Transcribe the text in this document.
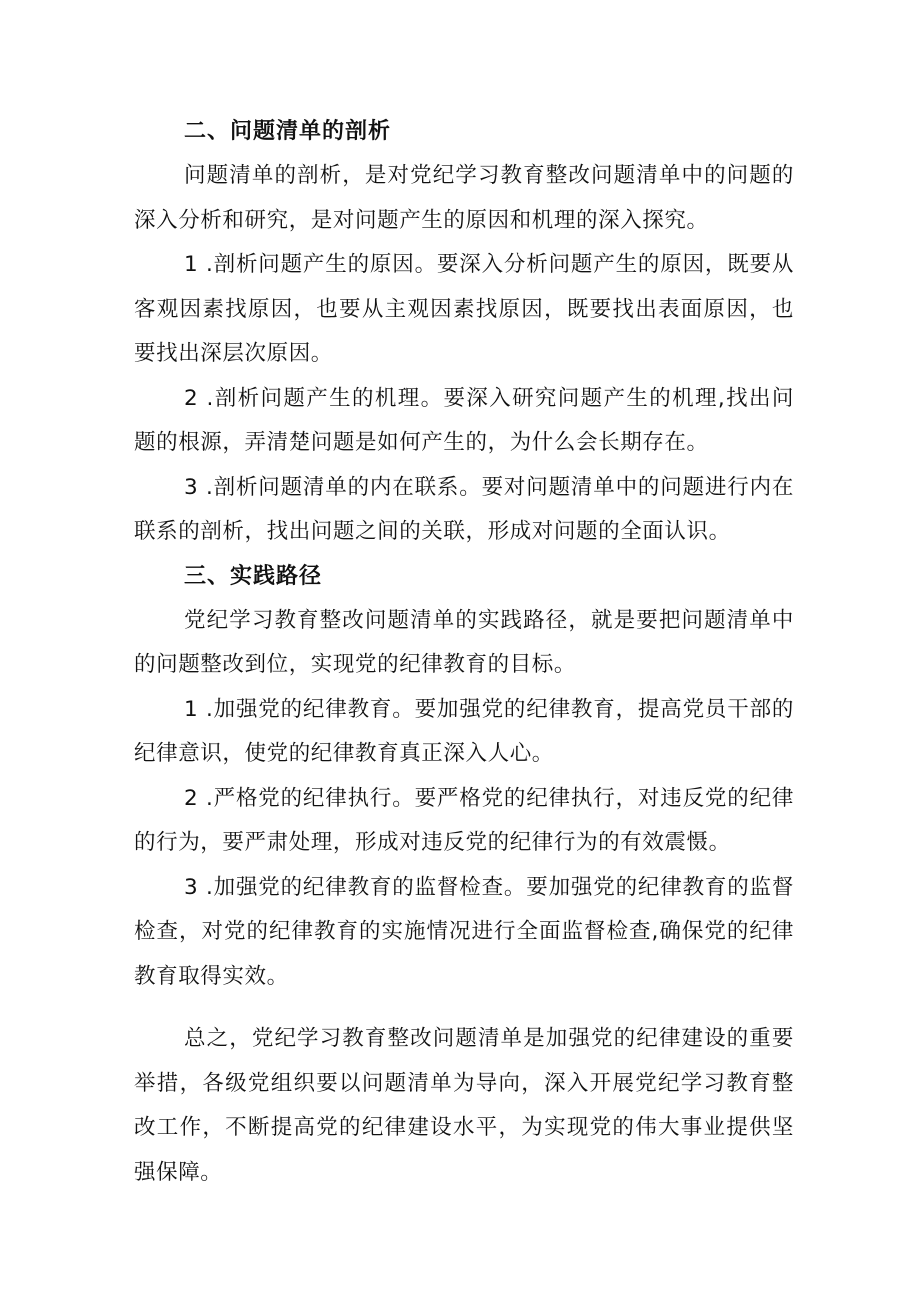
二、问题清单的剖析

问题清单的剖析，是对党纪学习教育整改问题清单中的问题的深入分析和研究，是对问题产生的原因和机理的深入探究。

1 .剖析问题产生的原因。要深入分析问题产生的原因，既要从客观因素找原因，也要从主观因素找原因，既要找出表面原因，也要找出深层次原因。

2 .剖析问题产生的机理。要深入研究问题产生的机理,找出问题的根源，弄清楚问题是如何产生的，为什么会长期存在。

3 .剖析问题清单的内在联系。要对问题清单中的问题进行内在联系的剖析，找出问题之间的关联，形成对问题的全面认识。

三、实践路径

党纪学习教育整改问题清单的实践路径，就是要把问题清单中的问题整改到位，实现党的纪律教育的目标。

1 .加强党的纪律教育。要加强党的纪律教育，提高党员干部的纪律意识，使党的纪律教育真正深入人心。

2 .严格党的纪律执行。要严格党的纪律执行，对违反党的纪律的行为，要严肃处理，形成对违反党的纪律行为的有效震慑。

3 .加强党的纪律教育的监督检查。要加强党的纪律教育的监督检查，对党的纪律教育的实施情况进行全面监督检查,确保党的纪律教育取得实效。

总之，党纪学习教育整改问题清单是加强党的纪律建设的重要举措，各级党组织要以问题清单为导向，深入开展党纪学习教育整改工作，不断提高党的纪律建设水平，为实现党的伟大事业提供坚强保障。
